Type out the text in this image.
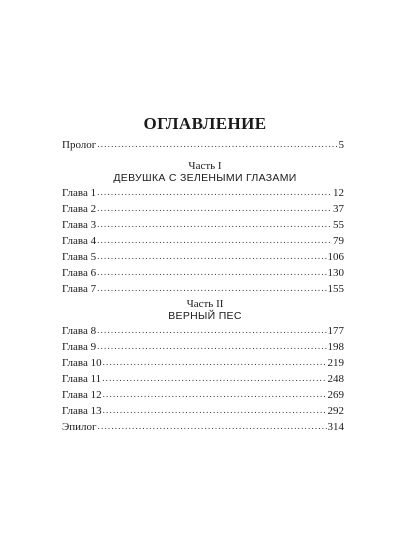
ОГЛАВЛЕНИЕ
Пролог .....	5
Часть I
ДЕВУШКА С ЗЕЛЕНЫМИ ГЛАЗАМИ
Глава 1 .....	12
Глава 2 .....	37
Глава 3 .....	55
Глава 4 .....	79
Глава 5 .....	106
Глава 6 .....	130
Глава 7 .....	155
Часть II
ВЕРНЫЙ ПЕС
Глава 8 .....	177
Глава 9 .....	198
Глава 10 .....	219
Глава 11 .....	248
Глава 12 .....	269
Глава 13 .....	292
Эпилог .....	314
